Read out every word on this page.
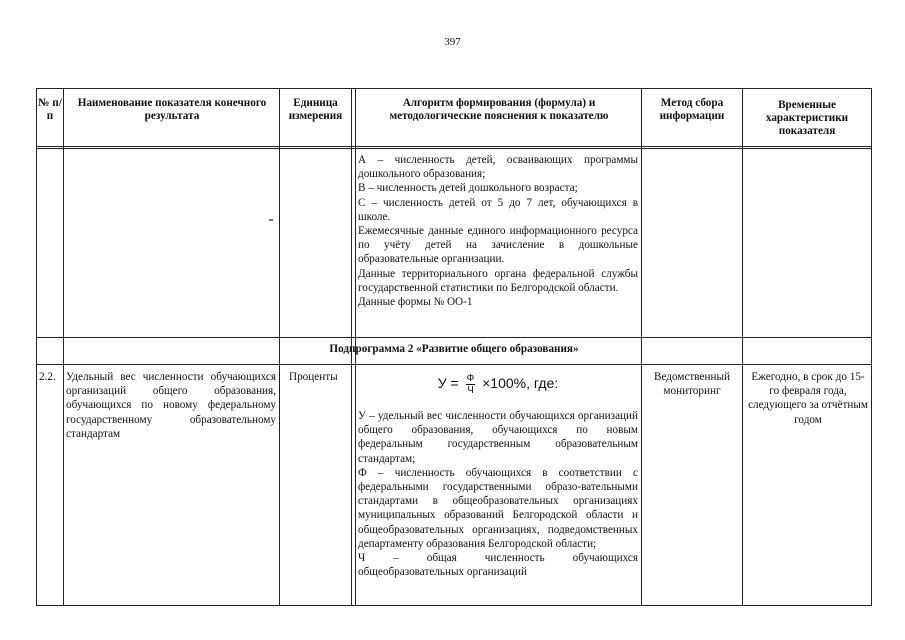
397
№ п/п
Наименование показателя конечного результата
Единица измерения
Алгоритм формирования (формула) и методологические пояснения к показателю
Метод сбора информации
Временные характеристики показателя
А – численность детей, осваивающих программы дошкольного образования;
В – численность детей дошкольного возраста;
С – численность детей от 5 до 7 лет, обучающихся в школе.
Ежемесячные данные единого информационного ресурса по учёту детей на зачисление в дошкольные образовательные организации.
Данные территориального органа федеральной службы государственной статистики по Белгородской области.
Данные формы № ОО-1
Подпрограмма 2 «Развитие общего образования»
2.2. Удельный вес численности обучающихся организаций общего образования, обучающихся по новому федеральному государственному образовательному стандартам
Проценты	$У = \frac{Ф}{Ч} \times 100\%$, где:
У – удельный вес численности обучающихся организаций общего образования, обучающихся по новым федеральным государственным образовательным стандартам;
Ф – численность обучающихся в соответствии с федеральными государственными образо-вательными стандартами в общеобразовательных организациях муниципальных образований Белгородской области и общеобразовательных организациях, подведомственных департаменту образования Белгородской области;
Ч – общая численность обучающихся общеобразовательных организаций
Ведомственный мониторинг
Ежегодно, в срок до 15-го февраля года, следующего за отчётным годом
